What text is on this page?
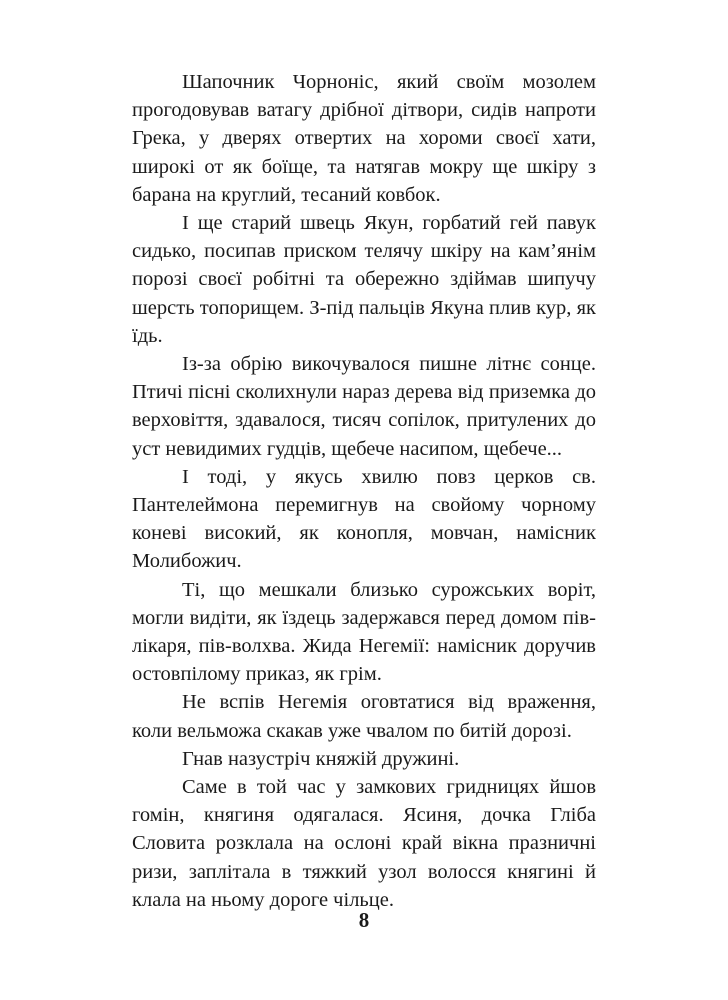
Шапочник Чорноніс, який своїм мозолем прогодовував ватагу дрібної дітвори, сидів напроти Грека, у дверях отвертих на хороми своєї хати, широкі от як боїще, та натягав мокру ще шкіру з барана на круглий, тесаний ковбок.

І ще старий швець Якун, горбатий гей павук сидько, посипав приском телячу шкіру на кам’янім порозі своєї робітні та обережно здіймав шипучу шерсть топорищем. З-під пальців Якуна плив кур, як їдь.

Із-за обрію викочувалося пишне літнє сонце. Птичі пісні сколихнули нараз дерева від приземка до верховіття, здавалося, тисяч сопілок, притулених до уст невидимих гудців, щебече насипом, щебече...

І тоді, у якусь хвилю повз церков св. Пантелеймона перемигнув на свойому чорному коневі високий, як конопля, мовчан, намісник Молибожич.

Ті, що мешкали близько сурожських воріт, могли видіти, як їздець задержався перед домом пів-лікаря, пів-волхва. Жида Негемії: намісник доручив остовпілому приказ, як грім.

Не вспів Негемія оговтатися від враження, коли вельможа скакав уже чвалом по битій дорозі.

Гнав назустріч княжій дружині.

Саме в той час у замкових гридницях йшов гомін, княгиня одягалася. Ясиня, дочка Гліба Словита розклала на ослоні край вікна празничні ризи, заплітала в тяжкий узол волосся княгині й клала на ньому дороге чільце.

8
